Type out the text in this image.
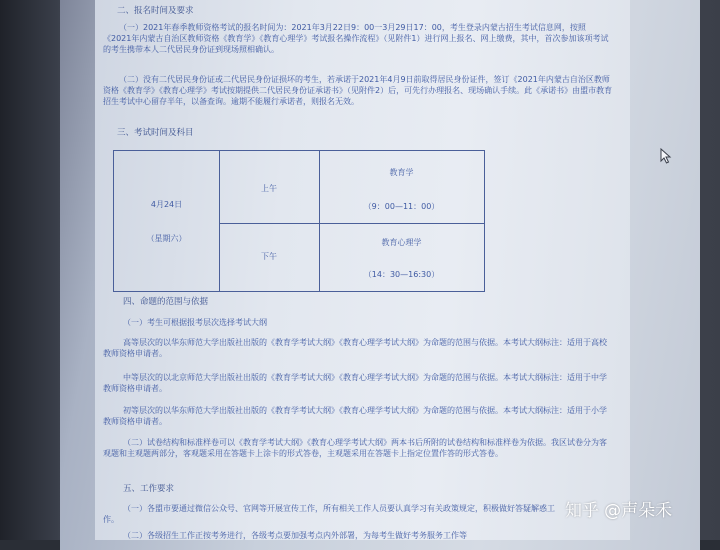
二、报名时间及要求
（一）2021年春季教师资格考试的报名时间为：2021年3月22日9：00一3月29日17：00，考生登录内蒙古招生考试信息网，按照《2021年内蒙古自治区教师资格《教育学》《教育心理学》考试报名操作流程》（见附件1）进行网上报名、网上缴费，其中，首次参加该项考试的考生携带本人二代居民身份证到现场照相确认。
（二）没有二代居民身份证或二代居民身份证损坏的考生，若承诺于2021年4月9日前取得居民身份证件，签订《2021年内蒙古自治区教师资格《教育学》《教育心理学》考试按期提供二代居民身份证承诺书》（见附件2）后，可先行办理报名、现场确认手续。此《承诺书》由盟市教育招生考试中心留存半年，以备查询。逾期不能履行承诺者，则报名无效。
三、考试时间及科目
4月24日
（星期六）
上午
下午
教育学
（9：00—11：00）
教育心理学
（14：30—16:30）
四、命题的范围与依据
（一）考生可根据报考层次选择考试大纲
高等层次的以华东师范大学出版社出版的《教育学考试大纲》《教育心理学考试大纲》为命题的范围与依据。本考试大纲标注：适用于高校教师资格申请者。
中等层次的以北京师范大学出版社出版的《教育学考试大纲》《教育心理学考试大纲》为命题的范围与依据。本考试大纲标注：适用于中学教师资格申请者。
初等层次的以华东师范大学出版社出版的《教育学考试大纲》《教育心理学考试大纲》为命题的范围与依据。本考试大纲标注：适用于小学教师资格申请者。
（二）试卷结构和标准样卷可以《教育学考试大纲》《教育心理学考试大纲》两本书后所附的试卷结构和标准样卷为依据。我区试卷分为客观题和主观题两部分，客观题采用在答题卡上涂卡的形式答卷，主观题采用在答题卡上指定位置作答的形式答卷。
五、工作要求
（一）各盟市要通过微信公众号、官网等开展宣传工作，所有相关工作人员要认真学习有关政策规定，积极做好答疑解惑工作。
（二）各级招生工作正按考务进行，各级考点要加强考点内外部署，为每考生做好考务服务工作等
知乎 @声朵禾
